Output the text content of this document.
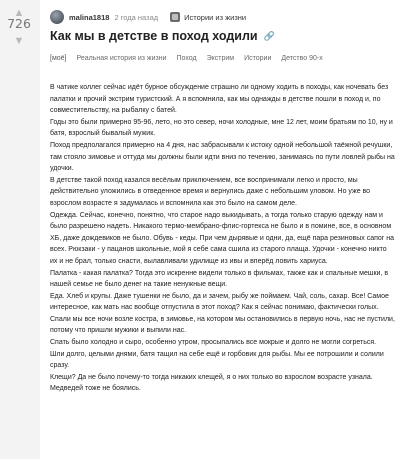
▲
726
▼
malina1818 2 года назад	Истории из жизни
Как мы в детстве в поход ходили 🔗
[моё] Реальная история из жизни Поход Экстрим Истории Детство 90-х

В чатике коллег сейчас идёт бурное обсуждение страшно ли одному ходить в походы, как ночевать без палатки и прочий экстрим туристский. А я вспомнила, как мы однажды в детстве пошли в поход и, по совместительству, на рыбалку с батей.

Годы это были примерно 95-96, лето, но это север, ночи холодные, мне 12 лет, моим братьям по 10, ну и батя, взрослый бывалый мужик.

Поход предполагался примерно на 4 дня, нас забрасывали к истоку одной небольшой таёжной речушки, там стояло зимовье и оттуда мы должны были идти вниз по течению, занимаясь по пути ловлей рыбы на удочки.

В детстве такой поход казался весёлым приключением, все воспринимали легко и просто, мы действительно уложились в отведенное время и вернулись даже с небольшим уловом. Но уже во взрослом возрасте я задумалась и вспомнила как это было на самом деле.

Одежда. Сейчас, конечно, понятно, что старое надо выкидывать, а тогда только старую одежду нам и было разрешено надеть. Никакого термо-мембрано-флис-гортекса не было и в помине, все, в основном ХБ, даже дождевиков не было. Обувь - кеды. При чем дырявые и одни, да, ещё пара резиновых сапог на всех. Рюкзаки - у пацанов школьные, мой я себе сама сшила из старого плаща. Удочки - конечно никто их и не брал, только снасти, вылавливали удилище из ивы и вперёд ловить хариуса.

Палатка - какая палатка? Тогда это искренне видели только в фильмах, также как и спальные мешки, в нашей семье не было денег на такие ненужные вещи.

Еда. Хлеб и крупы. Даже тушенки не было, да и зачем, рыбу же поймаем. Чай, соль, сахар. Все! Самое интересное, как мать нас вообще отпустила в этот поход? Как я сейчас понимаю, фактически голых.

Спали мы все ночи возле костра, в зимовье, на котором мы остановились в первую ночь, нас не пустили, потому что пришли мужики и выпили нас.

Спать было холодно и сыро, особенно утром, просыпались все мокрые и долго не могли согреться.

Шли долго, целыми днями, батя тащил на себе ещё и горбовик для рыбы. Мы ее потрошили и солили сразу.

Клещи? Да не было почему-то тогда никаких клещей, я о них только во взрослом возрасте узнала.

Медведей тоже не боялись.
